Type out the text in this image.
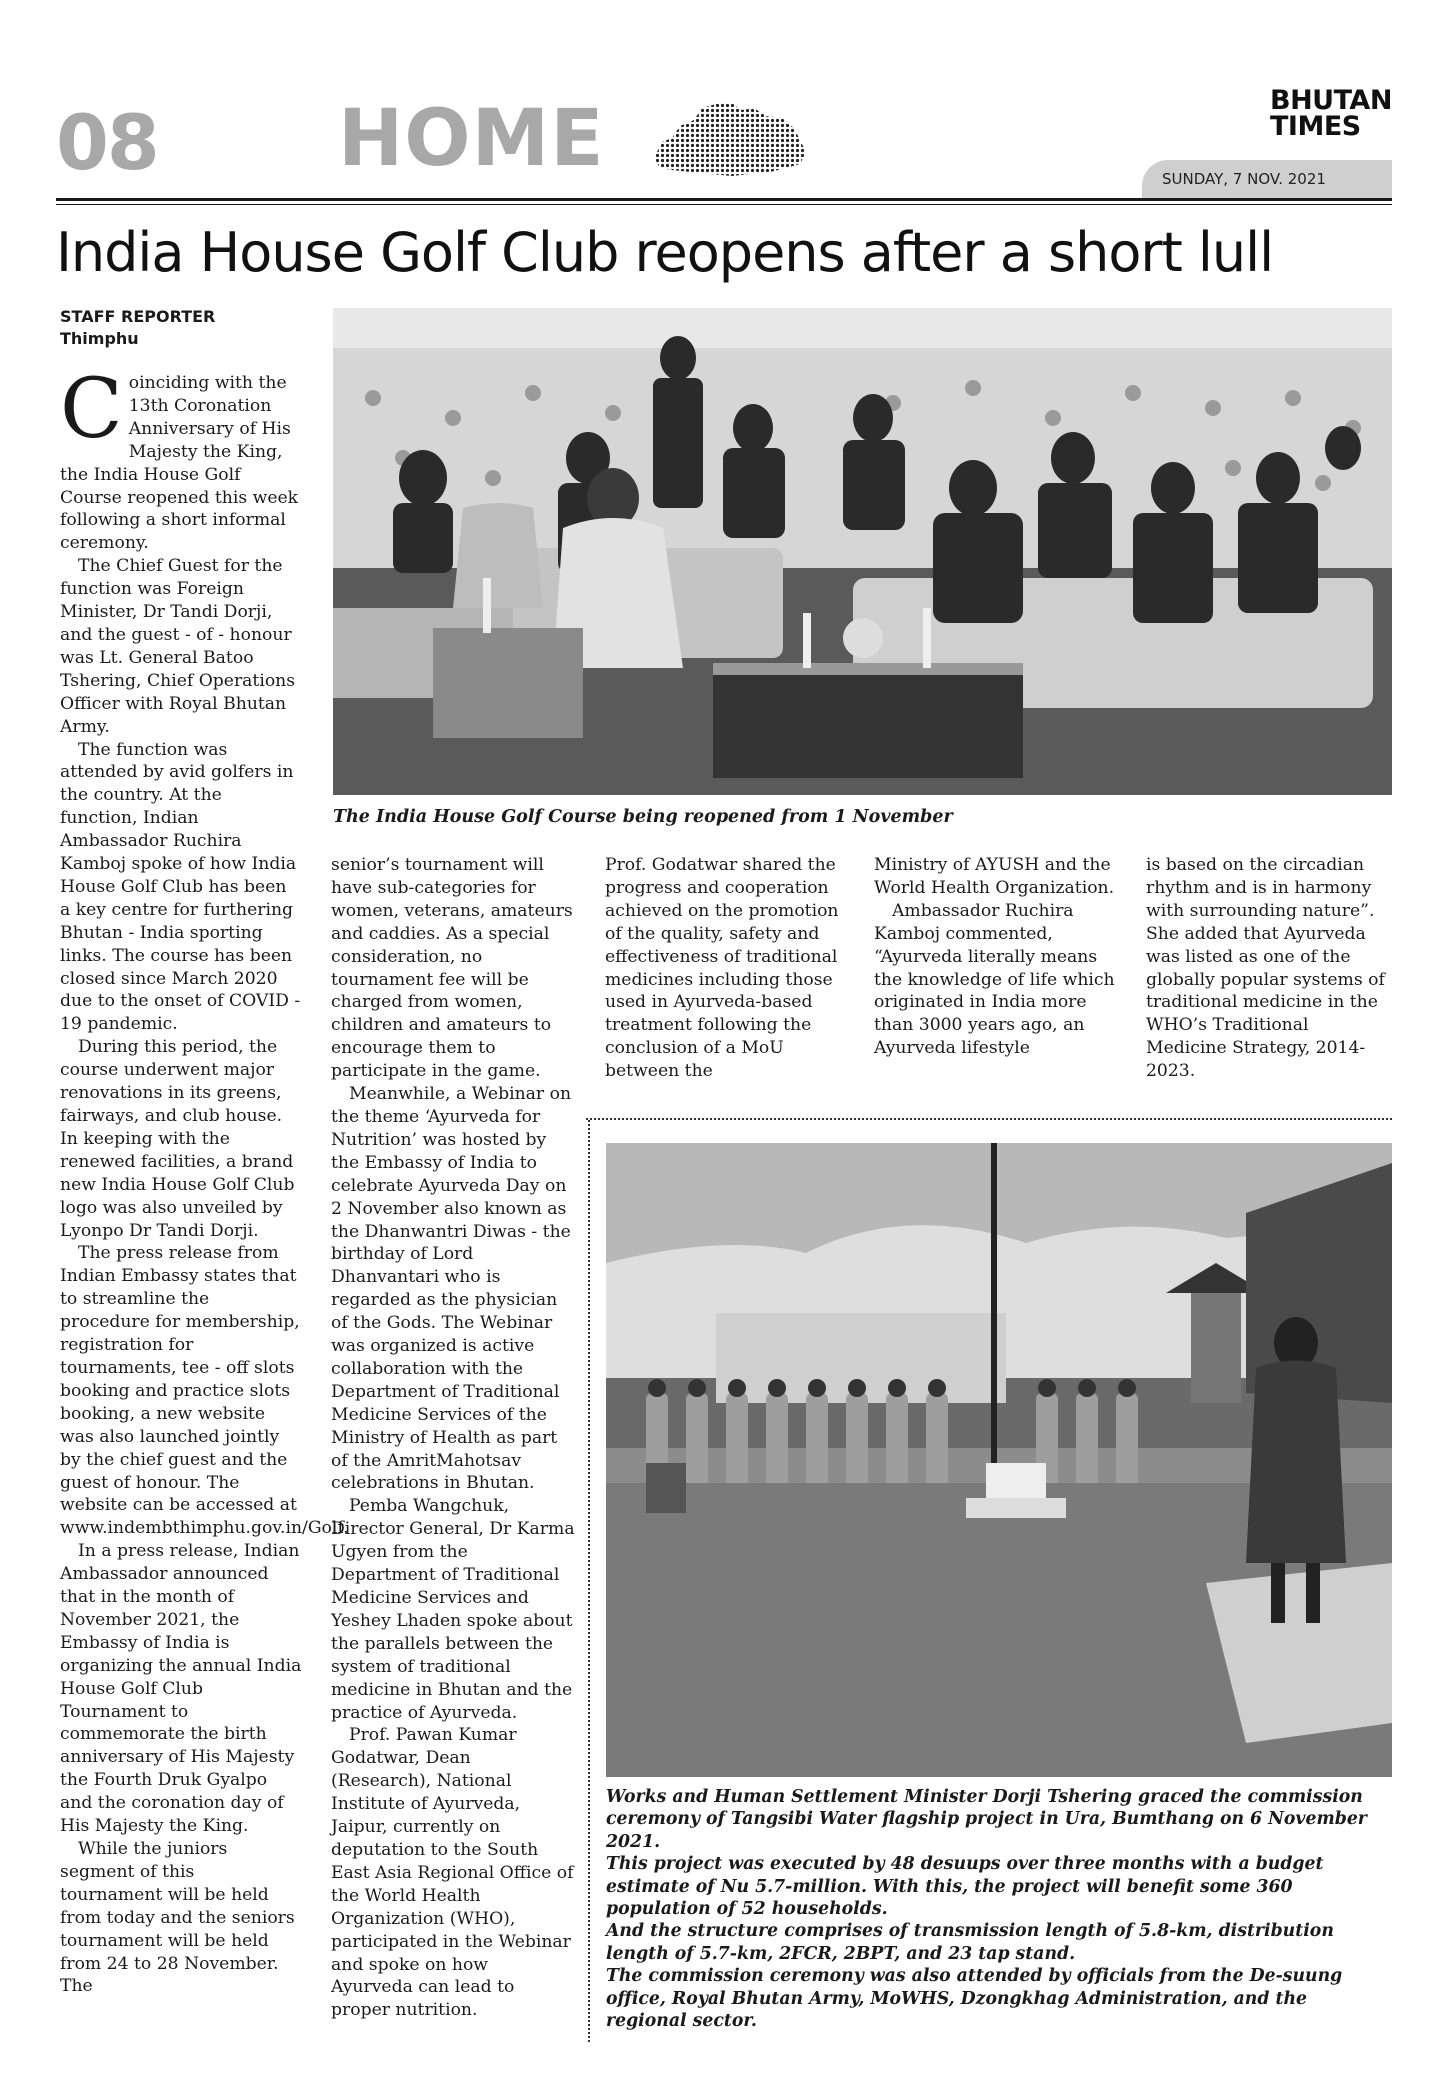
08 HOME	BHUTAN
TIMES
SUNDAY, 7 NOV. 2021
India House Golf Club reopens after a short lull
STAFF REPORTER
Thimphu

Coinciding with the 13th Coronation Anniversary of His Majesty the King, the India House Golf Course reopened this week following a short informal ceremony.

The Chief Guest for the function was Foreign Minister, Dr Tandi Dorji, and the guest - of - honour was Lt. General Batoo Tshering, Chief Operations Officer with Royal Bhutan Army.

The function was attended by avid golfers in the country. At the function, Indian Ambassador Ruchira Kamboj spoke of how India House Golf Club has been a key centre for furthering Bhutan - India sporting links. The course has been closed since March 2020 due to the onset of COVID - 19 pandemic.

During this period, the course underwent major renovations in its greens, fairways, and club house. In keeping with the renewed facilities, a brand new India House Golf Club logo was also unveiled by Lyonpo Dr Tandi Dorji.

The press release from Indian Embassy states that to streamline the procedure for membership, registration for tournaments, tee - off slots booking and practice slots booking, a new website was also launched jointly by the chief guest and the guest of honour. The website can be accessed at www.indembthimphu.gov.in/Golf.

In a press release, Indian Ambassador announced that in the month of November 2021, the Embassy of India is organizing the annual India House Golf Club Tournament to commemorate the birth anniversary of His Majesty the Fourth Druk Gyalpo and the coronation day of His Majesty the King.

While the juniors segment of this tournament will be held from today and the seniors tournament will be held from 24 to 28 November. The

The India House Golf Course being reopened from 1 November

senior’s tournament will have sub-categories for women, veterans, amateurs and caddies. As a special consideration, no tournament fee will be charged from women, children and amateurs to encourage them to participate in the game.

Meanwhile, a Webinar on the theme ‘Ayurveda for Nutrition’ was hosted by the Embassy of India to celebrate Ayurveda Day on 2 November also known as the Dhanwantri Diwas - the birthday of Lord Dhanvantari who is regarded as the physician of the Gods. The Webinar was organized is active collaboration with the Department of Traditional Medicine Services of the Ministry of Health as part of the AmritMahotsav celebrations in Bhutan.

Pemba Wangchuk, Director General, Dr Karma Ugyen from the Department of Traditional Medicine Services and Yeshey Lhaden spoke about the parallels between the system of traditional medicine in Bhutan and the practice of Ayurveda.

Prof. Pawan Kumar Godatwar, Dean (Research), National Institute of Ayurveda, Jaipur, currently on deputation to the South East Asia Regional Office of the World Health Organization (WHO), participated in the Webinar and spoke on how Ayurveda can lead to proper nutrition.

Prof. Godatwar shared the progress and cooperation achieved on the promotion of the quality, safety and effectiveness of traditional medicines including those used in Ayurveda-based treatment following the conclusion of a MoU between the

Ministry of AYUSH and the World Health Organization.

Ambassador Ruchira Kamboj commented, “Ayurveda literally means the knowledge of life which originated in India more than 3000 years ago, an Ayurveda lifestyle

is based on the circadian rhythm and is in harmony with surrounding nature”. She added that Ayurveda was listed as one of the globally popular systems of traditional medicine in the WHO’s Traditional Medicine Strategy, 2014-2023.

Works and Human Settlement Minister Dorji Tshering graced the commission ceremony of Tangsibi Water flagship project in Ura, Bumthang on 6 November 2021.
This project was executed by 48 desuups over three months with a budget estimate of Nu 5.7-million. With this, the project will benefit some 360 population of 52 households.
And the structure comprises of transmission length of 5.8-km, distribution length of 5.7-km, 2FCR, 2BPT, and 23 tap stand.
The commission ceremony was also attended by officials from the De-suung office, Royal Bhutan Army, MoWHS, Dzongkhag Administration, and the regional sector.
